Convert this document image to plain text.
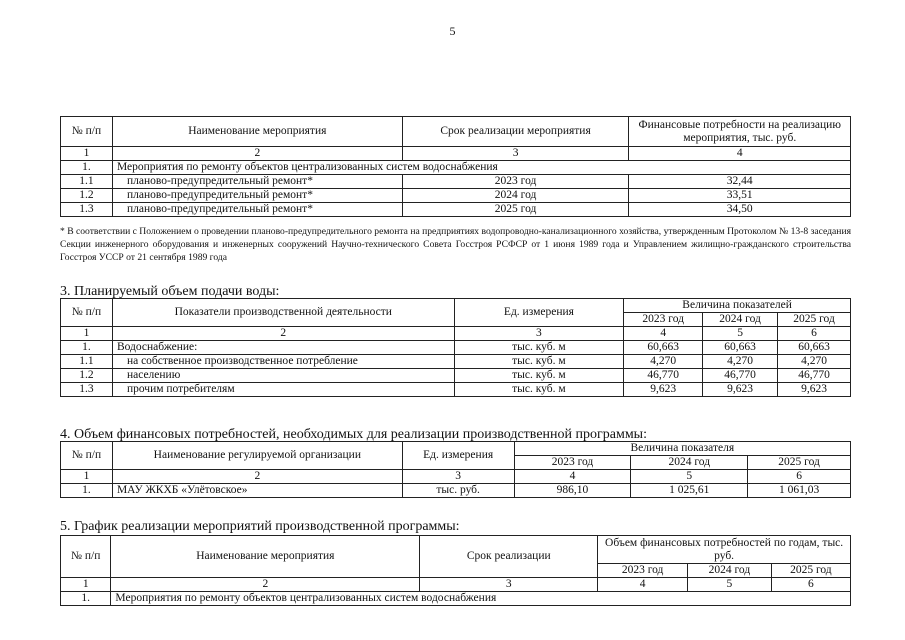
5
№ п/п	Наименование мероприятия	Срок реализации мероприятия	Финансовые потребности на реализацию мероприятия, тыс. руб.
1	2	3	4
1.	Мероприятия по ремонту объектов централизованных систем водоснабжения		
1.1	планово-предупредительный ремонт*	2023 год	32,44
1.2	планово-предупредительный ремонт*	2024 год	33,51
1.3	планово-предупредительный ремонт*	2025 год	34,50
* В соответствии с Положением о проведении планово-предупредительного ремонта на предприятиях водопроводно-канализационного хозяйства, утвержденным Протоколом № 13-8 заседания Секции инженерного оборудования и инженерных сооружений Научно-технического Совета Госстроя РСФСР от 1 июня 1989 года и Управлением жилищно-гражданского строительства Госстроя УССР от 21 сентября 1989 года
3. Планируемый объем подачи воды:
№ п/п	Показатели производственной деятельности	Ед. измерения	Величина показателей		
			2023 год	2024 год	2025 год
1	2	3	4	5	6
1.	Водоснабжение:	тыс. куб. м	60,663	60,663	60,663
1.1	на собственное производственное потребление	тыс. куб. м	4,270	4,270	4,270
1.2	населению	тыс. куб. м	46,770	46,770	46,770
1.3	прочим потребителям	тыс. куб. м	9,623	9,623	9,623
4. Объем финансовых потребностей, необходимых для реализации производственной программы:
№ п/п	Наименование регулируемой организации	Ед. измерения	Величина показателя		
			2023 год	2024 год	2025 год
1	2	3	4	5	6
1.	МАУ ЖКХБ «Улётовское»	тыс. руб.	986,10	1 025,61	1 061,03
5. График реализации мероприятий производственной программы:
№ п/п	Наименование мероприятия	Срок реализации	Объем финансовых потребностей по годам, тыс. руб.		
			2023 год	2024 год	2025 год
1	2	3	4	5	6
1.	Мероприятия по ремонту объектов централизованных систем водоснабжения				
